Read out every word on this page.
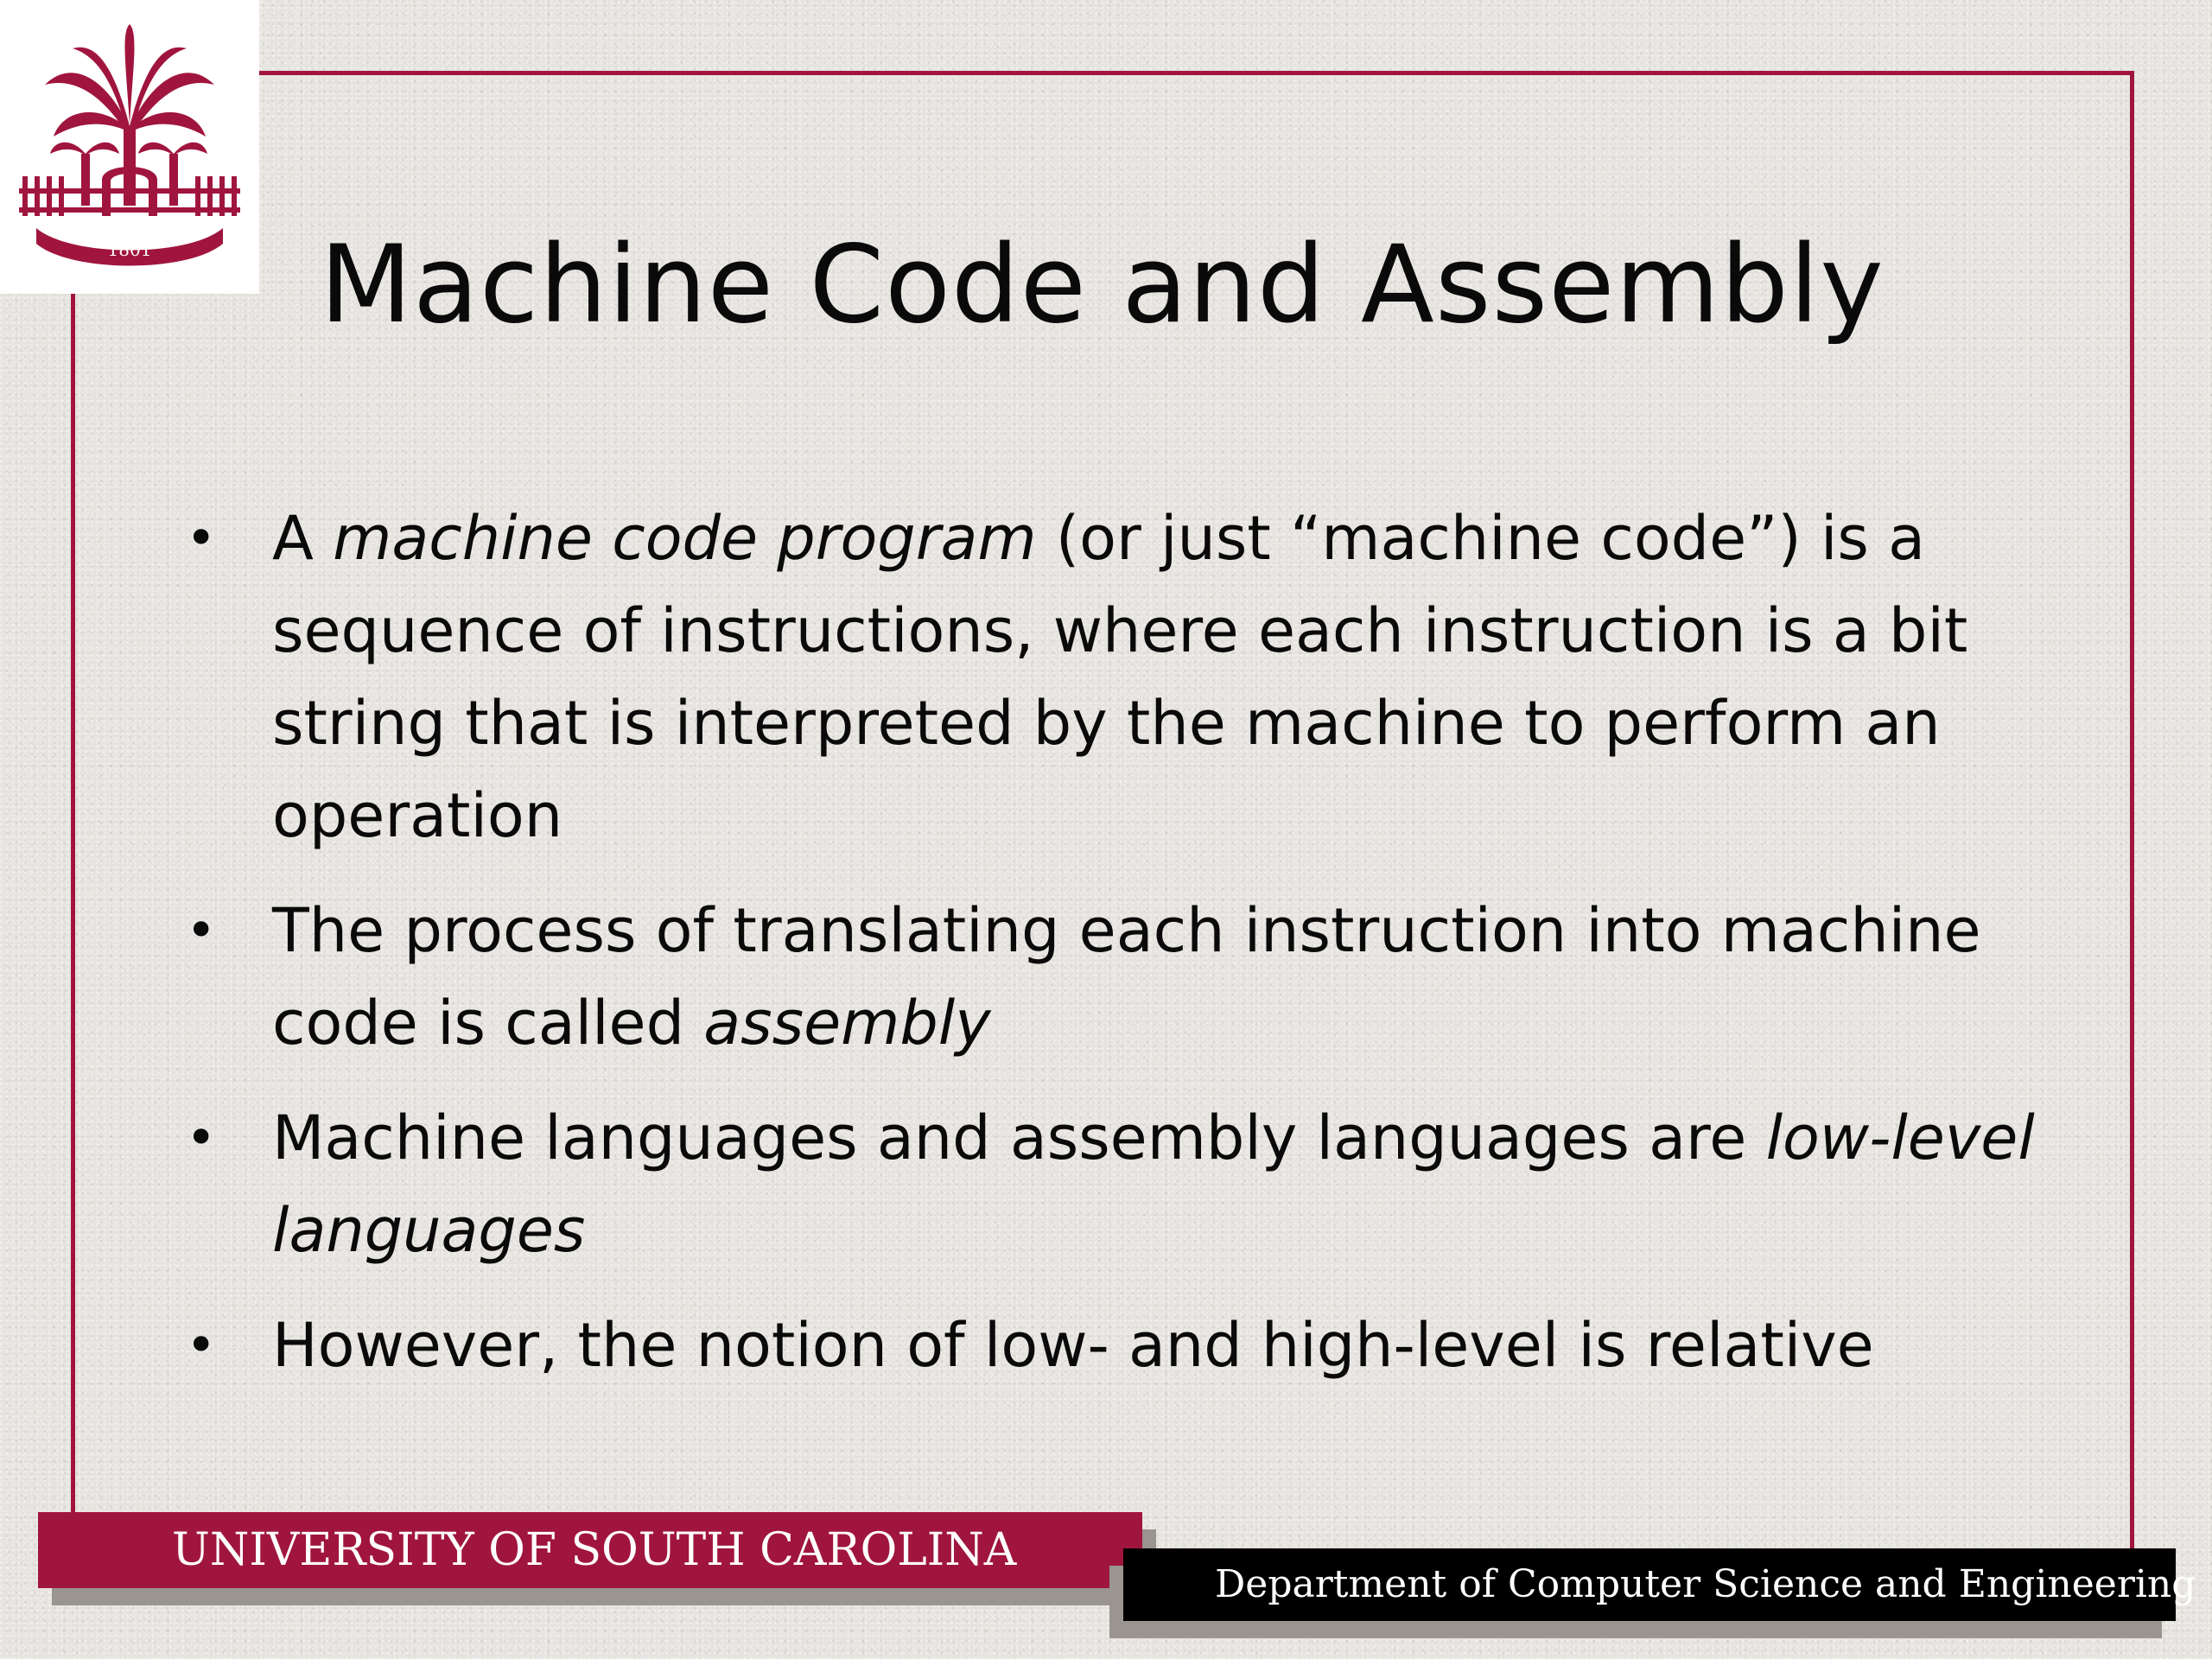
1801 Machine Code and Assembly
• A machine code program (or just “machine code”) is a sequence of instructions, where each instruction is a bit string that is interpreted by the machine to perform an operation
• The process of translating each instruction into machine code is called assembly
• Machine languages and assembly languages are low-level languages
• However, the notion of low- and high-level is relative
UNIVERSITY OF SOUTH CAROLINA
Department of Computer Science and Engineering
